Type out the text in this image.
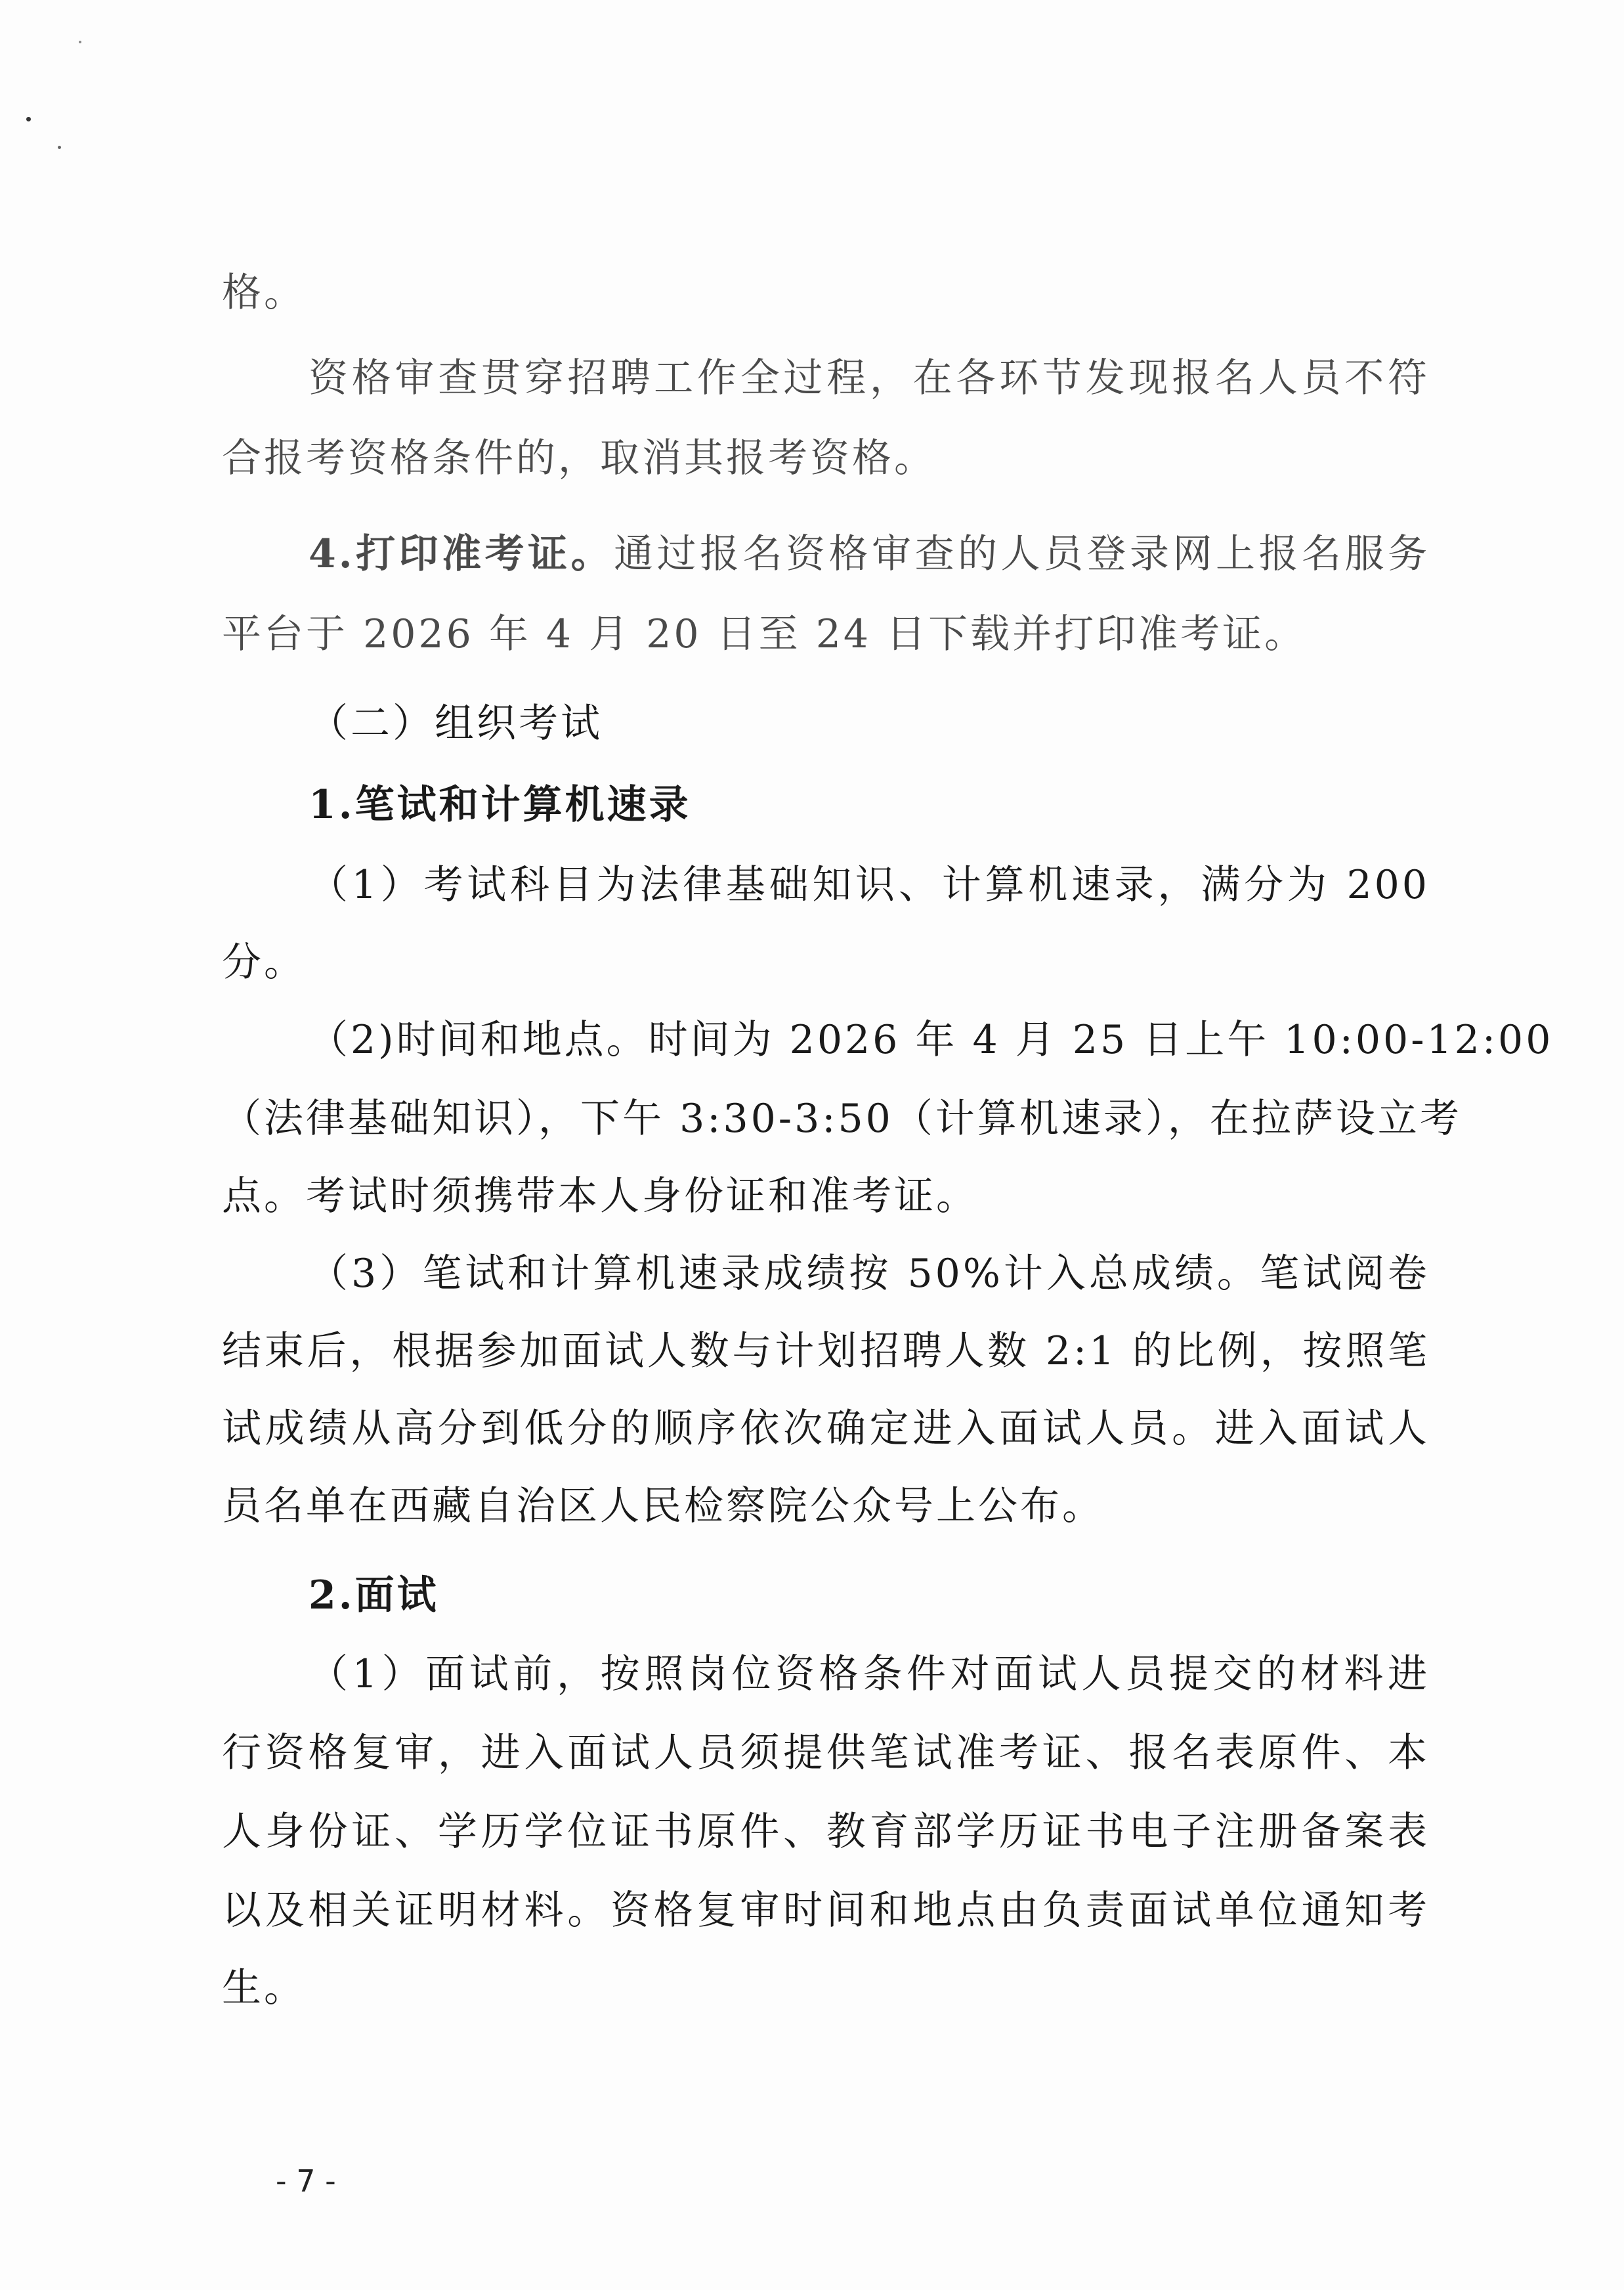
格。
资格审查贯穿招聘工作全过程，在各环节发现报名人员不符
合报考资格条件的，取消其报考资格。
4.打印准考证。通过报名资格审查的人员登录网上报名服务
平台于 2026 年 4 月 20 日至 24 日下载并打印准考证。
（二）组织考试
1.笔试和计算机速录
（1）考试科目为法律基础知识、计算机速录，满分为 200
分。
（2)时间和地点。时间为 2026 年 4 月 25 日上午 10:00-12:00
（法律基础知识），下午 3:30-3:50（计算机速录），在拉萨设立考
点。考试时须携带本人身份证和准考证。
（3）笔试和计算机速录成绩按 50%计入总成绩。笔试阅卷
结束后，根据参加面试人数与计划招聘人数 2:1 的比例，按照笔
试成绩从高分到低分的顺序依次确定进入面试人员。进入面试人
员名单在西藏自治区人民检察院公众号上公布。
2.面试
（1）面试前，按照岗位资格条件对面试人员提交的材料进
行资格复审，进入面试人员须提供笔试准考证、报名表原件、本
人身份证、学历学位证书原件、教育部学历证书电子注册备案表
以及相关证明材料。资格复审时间和地点由负责面试单位通知考
生。
- 7 -
